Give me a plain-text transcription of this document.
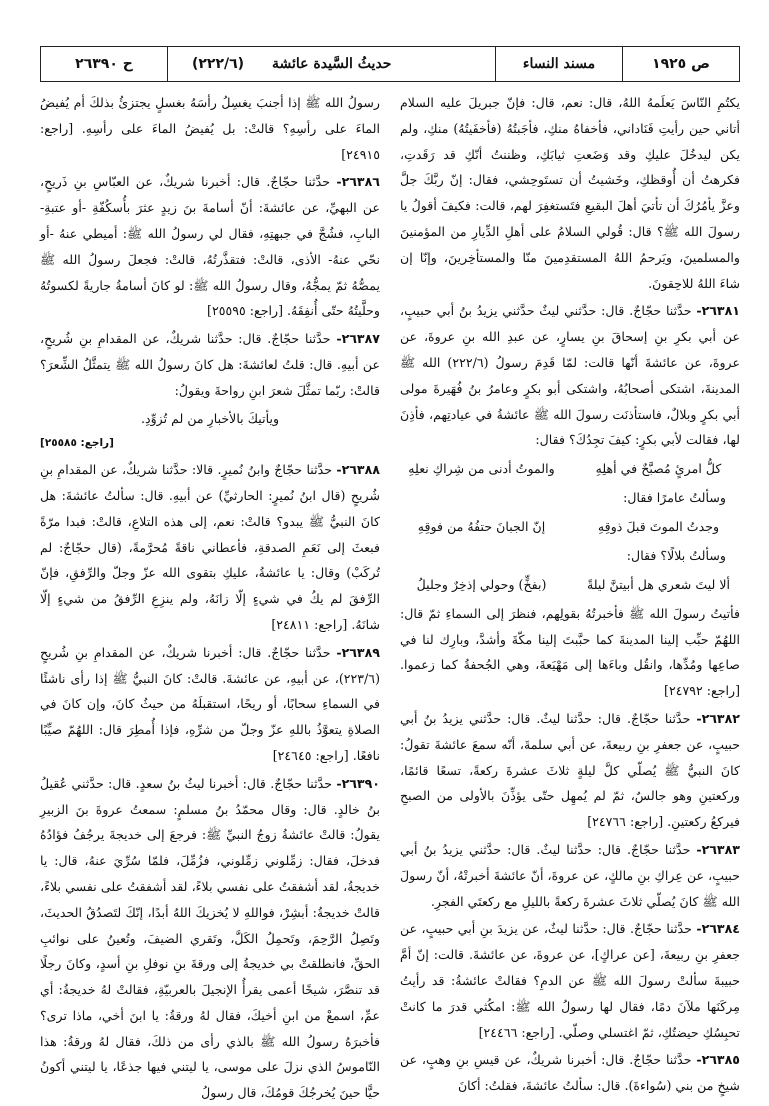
ص ١٩٢٥
مسند النساء
حديثُ السَّيدة عائشة
(٢٢٢/٦)
ح ٢٦٣٩٠

يكتُمِ النّاسَ يَعلَمهُ اللهُ، قال: نعم، قال: فإنّ جبريلَ عليه السلام أتاني حين رأيتِ فَنَاداني، فأخفاهُ منكِ، فأجَبتُهُ (فأخفَيتُهُ) منكِ، ولم يكن ليدخُلَ عليكِ وقد وَضَعتِ ثيابَكِ، وظننتُ أنّكِ قد رَقَدتِ، فكرهتُ أن أُوقظكِ، وخَشيتُ أن تستَوحِشي، فقال: إنّ ربَّكَ جلَّ وعزَّ يأمُرُكَ أن تأتيَ أهلَ البقيعِ فتَستغفِرَ لهم، قالت: فكيفَ أقولُ يا رسولَ الله ﷺ؟ قال: قُولي السلامُ على أهلِ الدِّيارِ من المؤمنينَ والمسلمينَ، ويَرحمُ اللهُ المستقدِمينَ منّا والمستأخِرينَ، وإنّا إن شاءَ اللهُ للاحِقونَ.

٢٦٣٨١- حدَّثنا حجّاجٌ. قال: حدَّثني ليثٌ حدَّثني يزيدُ بنُ أبي حبيبٍ، عن أبي بكرِ بنِ إسحاقَ بنِ يسارٍ، عن عبدِ الله بنِ عروةَ، عن عروةَ، عن عائشةَ أنّها قالت: لمّا قَدِمَ رسولُ (٢٢٢/٦) الله ﷺ المدينةَ، اشتكى أصحابُهُ، واشتكى أبو بكرٍ وعامرُ بنُ فُهَيرةَ مولى أبي بكرٍ وبلالٌ، فاستأذنَت رسولَ الله ﷺ عائشةُ في عيادتِهم، فأذِنَ لها، فقالت لأبي بكرٍ: كيفَ تجِدُكَ؟ فقال:

كلُّ امرئٍ مُصبَّحٌ في أهلِهِ
والموتُ أدنى من شِراكِ نعلِهِ
وسألتُ عامرًا فقال:
وجدتُ الموتَ قبلَ ذوقِهِ
إنّ الجبانَ حتفُهُ من فوقِهِ
وسألتُ بلالًا؟ فقال:
ألا ليتَ شعري هل أبيتنَّ ليلةً
(بفخٍّ) وحولي إذخِرٌ وجليلُ

فأتيتُ رسولَ الله ﷺ فأخبرتُهُ بقولِهم، فنظرَ إلى السماءِ ثمّ قال: اللهُمّ حبِّب إلينا المدينةَ كما حبَّبتَ إلينا مكّةَ وأشدَّ، وبارِك لنا في صاعِها ومُدِّها، وانقُل وباءَها إلى مَهْيَعةَ، وهي الجُحفةُ كما زعموا. [راجع: ٢٤٧٩٢]

٢٦٣٨٢- حدَّثنا حجّاجٌ. قال: حدَّثنا ليثٌ. قال: حدَّثني يزيدُ بنُ أبي حبيبٍ، عن جعفرِ بنِ ربيعةَ، عن أبي سلمةَ، أنّه سمعَ عائشةَ تقولُ: كانَ النبيُّ ﷺ يُصلّي كلَّ ليلةٍ ثلاثَ عشرةَ ركعةً، تسعًا قائمًا، وركعتينِ وهو جالسٌ، ثمّ لم يُمهِل حتّى يؤذِّنَ بالأولى من الصبحِ فيركعُ ركعتينِ. [راجع: ٢٤٧٦٦]

٢٦٣٨٣- حدَّثنا حجّاجٌ. قال: حدَّثنا ليثٌ. قال: حدَّثني يزيدُ بنُ أبي حبيبٍ، عن عِراكِ بنِ مالكٍ، عن عروةَ، أنّ عائشةَ أخبرتْهُ، أنّ رسولَ الله ﷺ كانَ يُصلّي ثلاثَ عشرةَ ركعةً بالليلِ مع ركعتَي الفجرِ.

٢٦٣٨٤- حدَّثنا حجّاجٌ. قال: حدَّثنا ليثٌ، عن يزيدَ بنِ أبي حبيبٍ، عن جعفرِ بنِ ربيعةَ، [عن عراكٍ]، عن عروةَ، عن عائشةَ. قالت: إنّ أمَّ حبيبةَ سألتْ رسولَ الله ﷺ عن الدمِ؟ فقالتْ عائشةُ: قد رأيتُ مِركَنَها ملآنَ دمًا، فقال لها رسولُ الله ﷺ: امكُثي قدرَ ما كانتْ تحبِسُكِ حيضتُكِ، ثمّ اغتسلي وصلّي. [راجع: ٢٤٤٦٦]

٢٦٣٨٥- حدَّثنا حجّاجٌ. قال: أخبرنا شريكٌ، عن قيسِ بنِ وهبٍ، عن شيخٍ من بني (سُواءةَ). قال: سألتُ عائشةَ، فقلتُ: أكانَ

رسولُ الله ﷺ إذا أجنبَ يغسِلُ رأسَهُ بغسلٍ يجتزئُ بذلكَ أم يُفيضُ الماءَ على رأسِهِ؟ قالتْ: بل يُفيضُ الماءَ على رأسِهِ. [راجع: ٢٤٩١٥]

٢٦٣٨٦- حدَّثنا حجّاجٌ. قال: أخبرنا شريكٌ، عن العبّاسِ بنِ ذَريحٍ، عن البهيِّ، عن عائشةَ: أنّ أسامةَ بنَ زيدٍ عثرَ بأُسكُفّةِ -أو عتبةِ- البابِ، فشُجَّ في جبهتِهِ، فقال لي رسولُ الله ﷺ: أميطي عنهُ -أو نحّي عنهُ- الأذى، قالتْ: فتقذَّرتُهُ، قالتْ: فجعلَ رسولُ الله ﷺ يمصُّهُ ثمّ يمجُّهُ، وقال رسولُ الله ﷺ: لو كانَ أسامةُ جاريةً لكسوتُهُ وحلَّيتُهُ حتّى أُنفِقَهُ. [راجع: ٢٥٥٩٥]

٢٦٣٨٧- حدَّثنا حجّاجٌ. قال: حدَّثنا شريكٌ، عن المقدامِ بنِ شُريحٍ، عن أبيهِ. قال: قلتُ لعائشةَ: هل كانَ رسولُ الله ﷺ يتمثَّلُ الشِّعرَ؟ قالتْ: ربّما تمثَّلَ شعرَ ابنِ رواحةَ ويقولُ:

ويأتيكَ بالأخبارِ من لم تُزوِّدِ.
[راجع: ٢٥٥٨٥]

٢٦٣٨٨- حدَّثنا حجّاجٌ وابنُ نُميرٍ. قالا: حدَّثنا شريكٌ، عن المقدامِ بنِ شُريحٍ (قال ابنُ نُميرٍ: الحارثيِّ) عن أبيهِ. قال: سألتُ عائشةَ: هل كانَ النبيُّ ﷺ يبدو؟ قالتْ: نعم، إلى هذه التلاعِ، قالتْ: فبدا مرّةً فبعثَ إلى نَعَمِ الصدقةِ، فأعطاني ناقةً مُحرَّمةً، (قال حجّاجٌ: لم تُركَبْ) وقال: يا عائشةُ، عليكِ بتقوى الله عزّ وجلّ والرِّفقِ، فإنّ الرِّفقَ لم يكُ في شيءٍ إلّا زانَهُ، ولم ينزِعِ الرِّفقُ من شيءٍ إلّا شانَهُ. [راجع: ٢٤٨١١]

٢٦٣٨٩- حدَّثنا حجّاجٌ. قال: أخبرنا شريكٌ، عن المقدامِ بنِ شُريحٍ (٢٢٣/٦)، عن أبيهِ، عن عائشةَ. قالتْ: كانَ النبيُّ ﷺ إذا رأى ناشئًا في السماءِ سحابًا، أو ريحًا، استقبلَهُ من حيثُ كانَ، وإن كانَ في الصلاةِ يتعوَّذُ باللهِ عزّ وجلّ من شرِّهِ، فإذا أُمطِرَ قال: اللهُمّ صيِّبًا نافعًا. [راجع: ٢٤٦٤٥]

٢٦٣٩٠- حدَّثنا حجّاجٌ. قال: أخبرنا ليثُ بنُ سعدٍ. قال: حدَّثني عُقيلُ بنُ خالدٍ. قال: وقال محمّدُ بنُ مسلمٍ: سمعتُ عروةَ بنَ الزبيرِ يقولُ: قالتْ عائشةُ زوجُ النبيِّ ﷺ: فرجعَ إلى خديجةَ يرجُفُ فؤادُهُ فدخلَ، فقال: زمِّلوني زمِّلوني، فزُمِّلَ، فلمّا سُرِّيَ عنهُ، قال: يا خديجةُ، لقد أشفقتُ على نفسي بلاءً، لقد أشفقتُ على نفسي بلاءً، قالتْ خديجةُ: أبشِرْ، فواللهِ لا يُخزيكَ اللهُ أبدًا، إنّكَ لتَصدُقُ الحديثَ، وتَصِلُ الرَّحِمَ، وتَحمِلُ الكَلَّ، وتَقري الضيفَ، وتُعينُ على نوائبِ الحقِّ، فانطلقتْ بي خديجةُ إلى ورقةَ بنِ نوفلِ بنِ أسدٍ، وكانَ رجلًا قد تنصَّرَ، شيخًا أعمى يقرأُ الإنجيلَ بالعربيّةِ، فقالتْ لهُ خديجةُ: أي عمِّ، اسمعْ من ابنِ أخيكَ، فقال لهُ ورقةُ: يا ابنَ أخي، ماذا ترى؟ فأخبرَهُ رسولُ الله ﷺ بالذي رأى من ذلكَ، فقال لهُ ورقةُ: هذا النّاموسُ الذي نزلَ على موسى، يا ليتني فيها جذعًا، يا ليتني أكونُ حيًّا حينَ يُخرجُكَ قومُكَ، قال رسولُ
